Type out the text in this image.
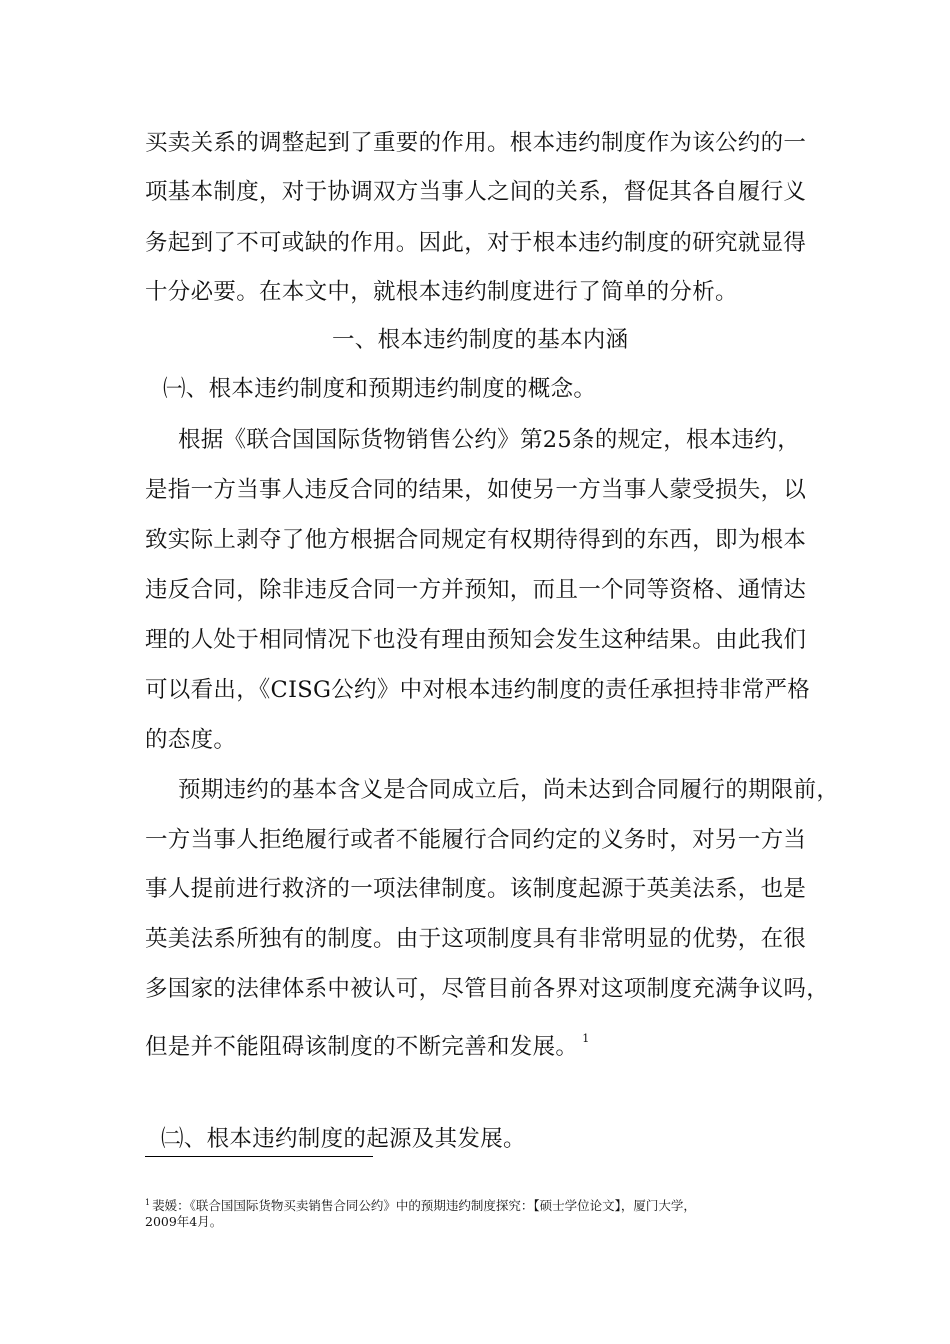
买卖关系的调整起到了重要的作用。根本违约制度作为该公约的一
项基本制度，对于协调双方当事人之间的关系，督促其各自履行义
务起到了不可或缺的作用。因此，对于根本违约制度的研究就显得
十分必要。在本文中，就根本违约制度进行了简单的分析。
一、根本违约制度的基本内涵
㈠、根本违约制度和预期违约制度的概念。
根据《联合国国际货物销售公约》第25条的规定，根本违约，
是指一方当事人违反合同的结果，如使另一方当事人蒙受损失，以
致实际上剥夺了他方根据合同规定有权期待得到的东西，即为根本
违反合同，除非违反合同一方并预知，而且一个同等资格、通情达
理的人处于相同情况下也没有理由预知会发生这种结果。由此我们
可以看出，《CISG公约》中对根本违约制度的责任承担持非常严格
的态度。
预期违约的基本含义是合同成立后，尚未达到合同履行的期限前，
一方当事人拒绝履行或者不能履行合同约定的义务时，对另一方当
事人提前进行救济的一项法律制度。该制度起源于英美法系，也是
英美法系所独有的制度。由于这项制度具有非常明显的优势，在很
多国家的法律体系中被认可，尽管目前各界对这项制度充满争议吗，
但是并不能阻碍该制度的不断完善和发展。 $^1$
㈡、根本违约制度的起源及其发展。
$^1$ 裴媛：《联合国国际货物买卖销售合同公约》中的预期违约制度探究：【硕士学位论文】，厦门大学，
2009年4月。
